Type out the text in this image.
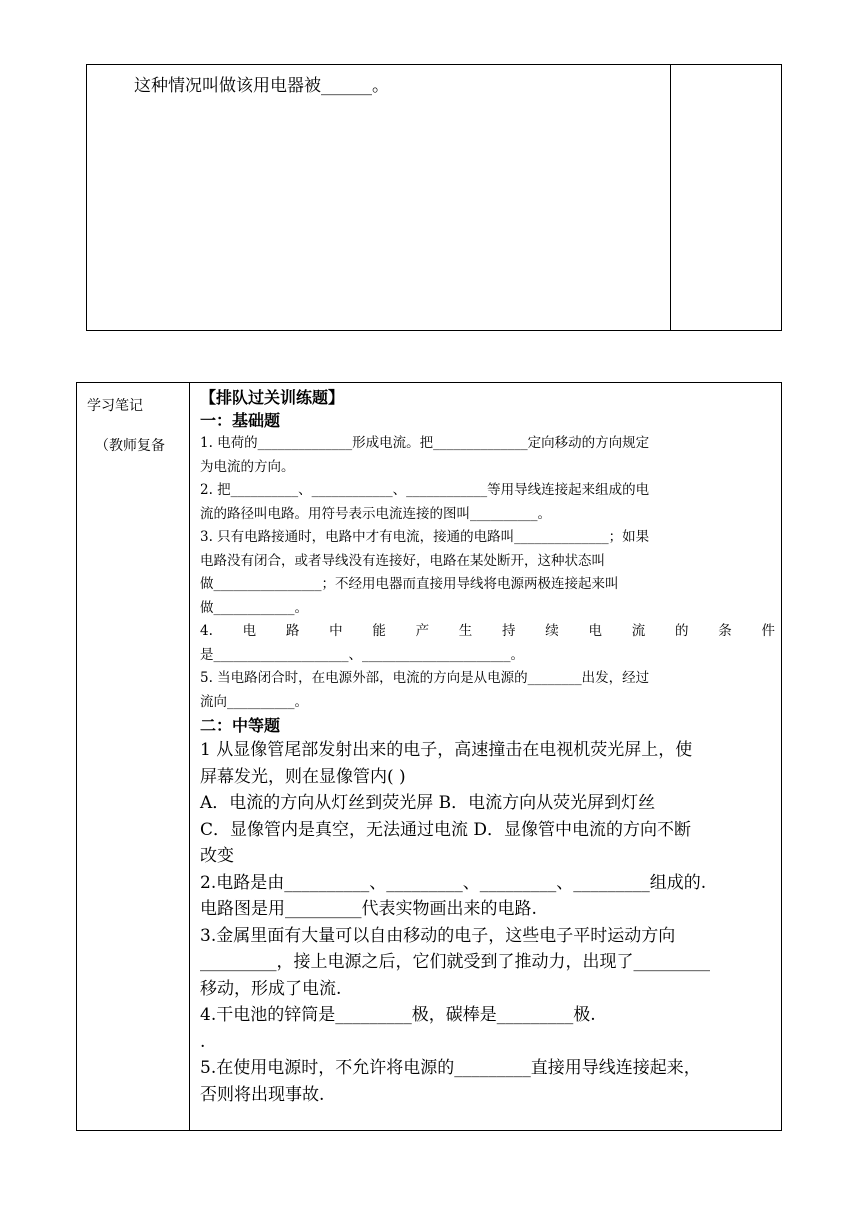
这种情况叫做该用电器被______。
学习笔记
（教师复备
【排队过关训练题】
一：基础题
1. 电荷的______________形成电流。把______________定向移动的方向规定
为电流的方向。
2. 把__________、____________、____________等用导线连接起来组成的电
流的路径叫电路。用符号表示电流连接的图叫__________。
3. 只有电路接通时，电路中才有电流，接通的电路叫______________；如果
电路没有闭合，或者导线没有连接好，电路在某处断开，这种状态叫
做________________；不经用电器而直接用导线将电源两极连接起来叫
做____________。
4. 电 路 中 能 产 生 持 续 电 流 的 条 件
是____________________、______________________。
5. 当电路闭合时，在电源外部，电流的方向是从电源的________出发，经过
流向__________。
二：中等题
1 从显像管尾部发射出来的电子，高速撞击在电视机荧光屏上，使
屏幕发光，则在显像管内( )
A．电流的方向从灯丝到荧光屏 B．电流方向从荧光屏到灯丝
C．显像管内是真空，无法通过电流 D．显像管中电流的方向不断
改变
2.电路是由__________、_________、_________、_________组成的.
电路图是用_________代表实物画出来的电路.
3.金属里面有大量可以自由移动的电子，这些电子平时运动方向
_________，接上电源之后，它们就受到了推动力，出现了_________
移动，形成了电流.
4.干电池的锌筒是_________极，碳棒是_________极.
.
5.在使用电源时，不允许将电源的_________直接用导线连接起来，
否则将出现事故.
